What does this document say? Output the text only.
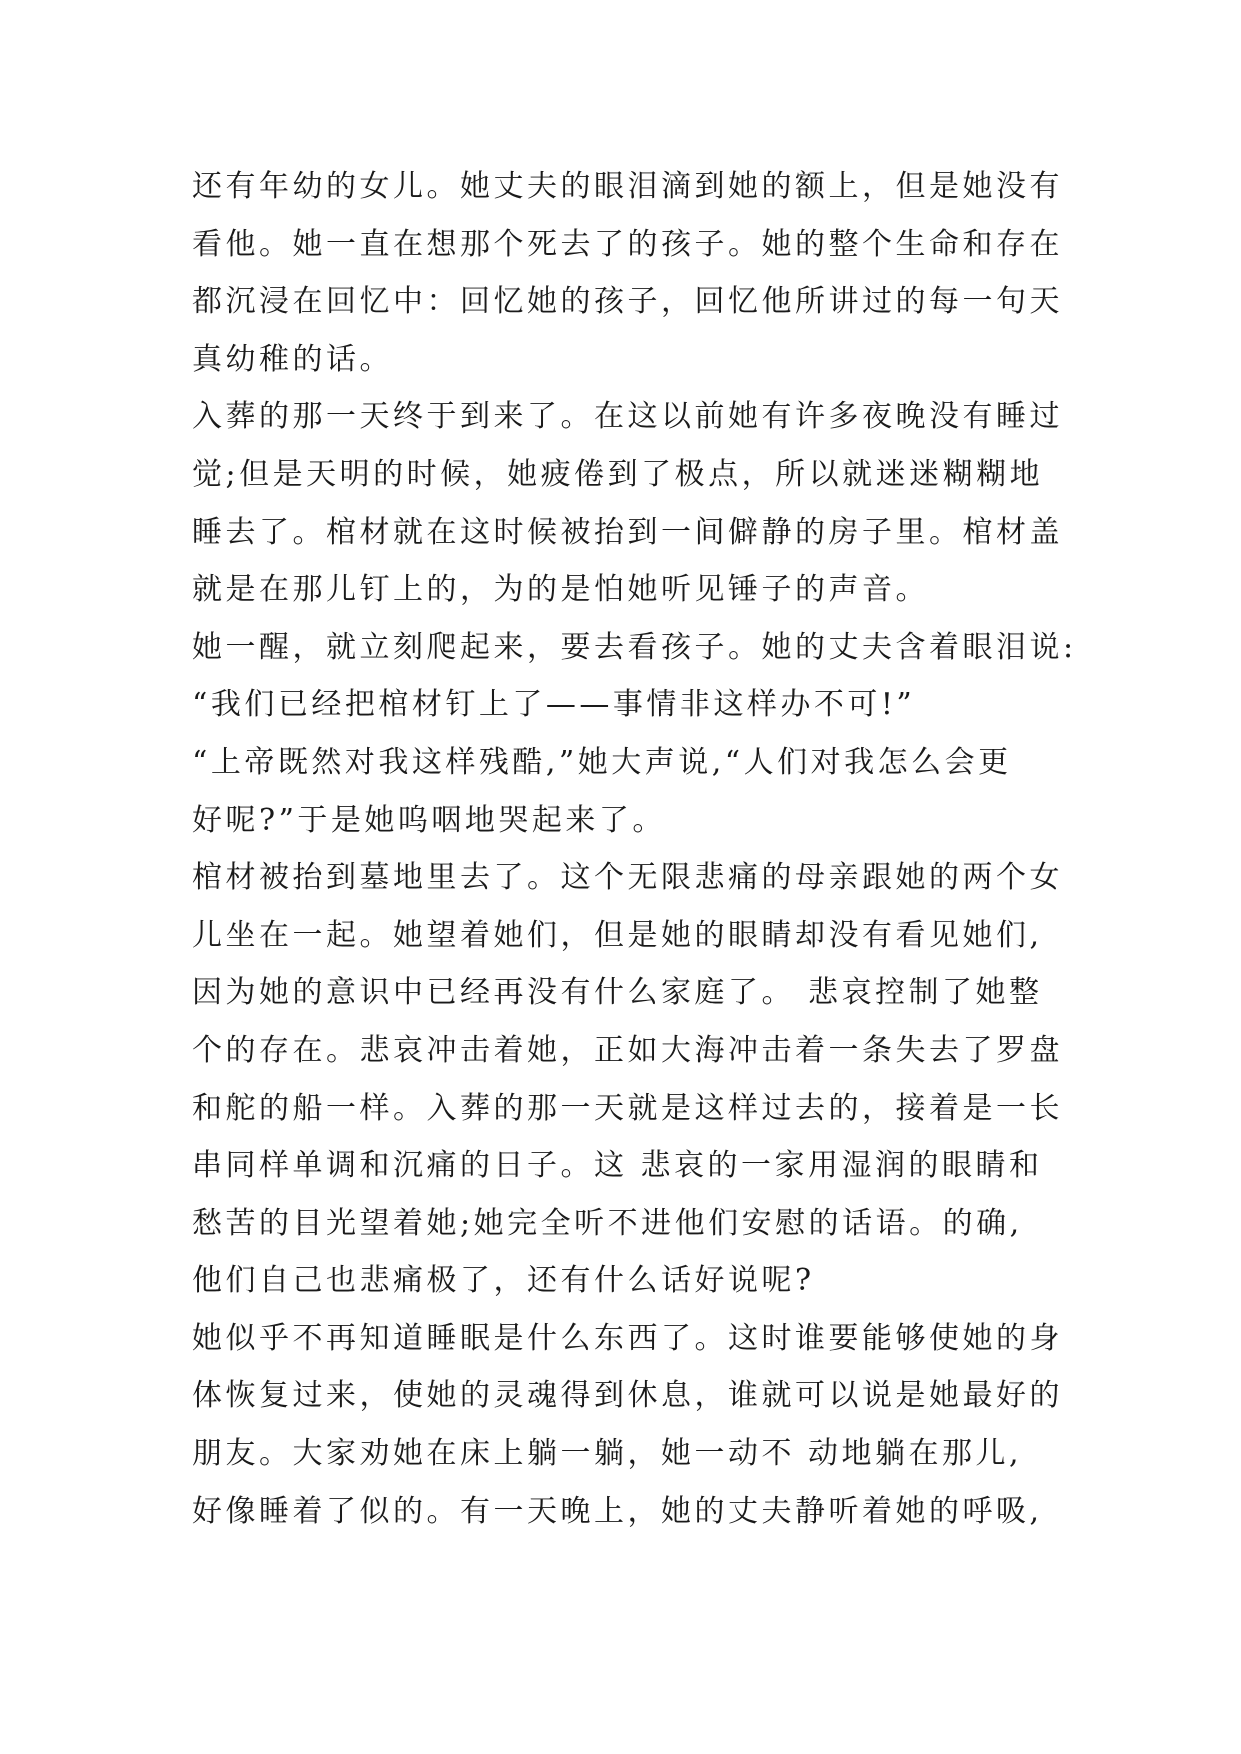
还有年幼的女儿。她丈夫的眼泪滴到她的额上，但是她没有
看他。她一直在想那个死去了的孩子。她的整个生命和存在
都沉浸在回忆中：回忆她的孩子，回忆他所讲过的每一句天
真幼稚的话。
入葬的那一天终于到来了。在这以前她有许多夜晚没有睡过
觉;但是天明的时候，她疲倦到了极点，所以就迷迷糊糊地
睡去了。棺材就在这时候被抬到一间僻静的房子里。棺材盖
就是在那儿钉上的，为的是怕她听见锤子的声音。
她一醒，就立刻爬起来，要去看孩子。她的丈夫含着眼泪说:
“我们已经把棺材钉上了——事情非这样办不可!”
“上帝既然对我这样残酷,”她大声说,“人们对我怎么会更
好呢?”于是她呜咽地哭起来了。
棺材被抬到墓地里去了。这个无限悲痛的母亲跟她的两个女
儿坐在一起。她望着她们，但是她的眼睛却没有看见她们,
因为她的意识中已经再没有什么家庭了。 悲哀控制了她整
个的存在。悲哀冲击着她，正如大海冲击着一条失去了罗盘
和舵的船一样。入葬的那一天就是这样过去的，接着是一长
串同样单调和沉痛的日子。这 悲哀的一家用湿润的眼睛和
愁苦的目光望着她;她完全听不进他们安慰的话语。的确,
他们自己也悲痛极了，还有什么话好说呢?
她似乎不再知道睡眠是什么东西了。这时谁要能够使她的身
体恢复过来，使她的灵魂得到休息，谁就可以说是她最好的
朋友。大家劝她在床上躺一躺，她一动不 动地躺在那儿,
好像睡着了似的。有一天晚上，她的丈夫静听着她的呼吸,
